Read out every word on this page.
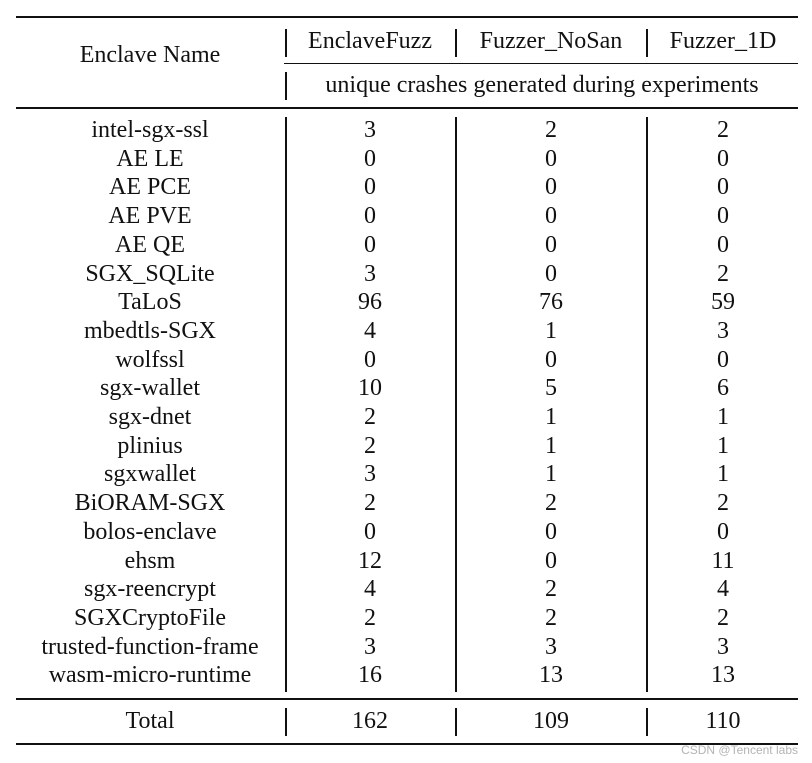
Enclave Name
EnclaveFuzz Fuzzer_NoSan Fuzzer_1D
unique crashes generated during experiments
intel-sgx-ssl	3	2	2
AE LE	0	0	0
AE PCE	0	0	0
AE PVE	0	0	0
AE QE	0	0	0
SGX_SQLite	3	0	2
TaLoS	96	76	59
mbedtls-SGX	4	1	3
wolfssl	0	0	0
sgx-wallet	10	5	6
sgx-dnet	2	1	1
plinius	2	1	1
sgxwallet	3	1	1
BiORAM-SGX	2	2	2
bolos-enclave	0	0	0
ehsm	12	0	11
sgx-reencrypt	4	2	4
SGXCryptoFile	2	2	2
trusted-function-frame	3	3	3
wasm-micro-runtime	16	13	13
Total	162	109	110
CSDN @Tencent labs
